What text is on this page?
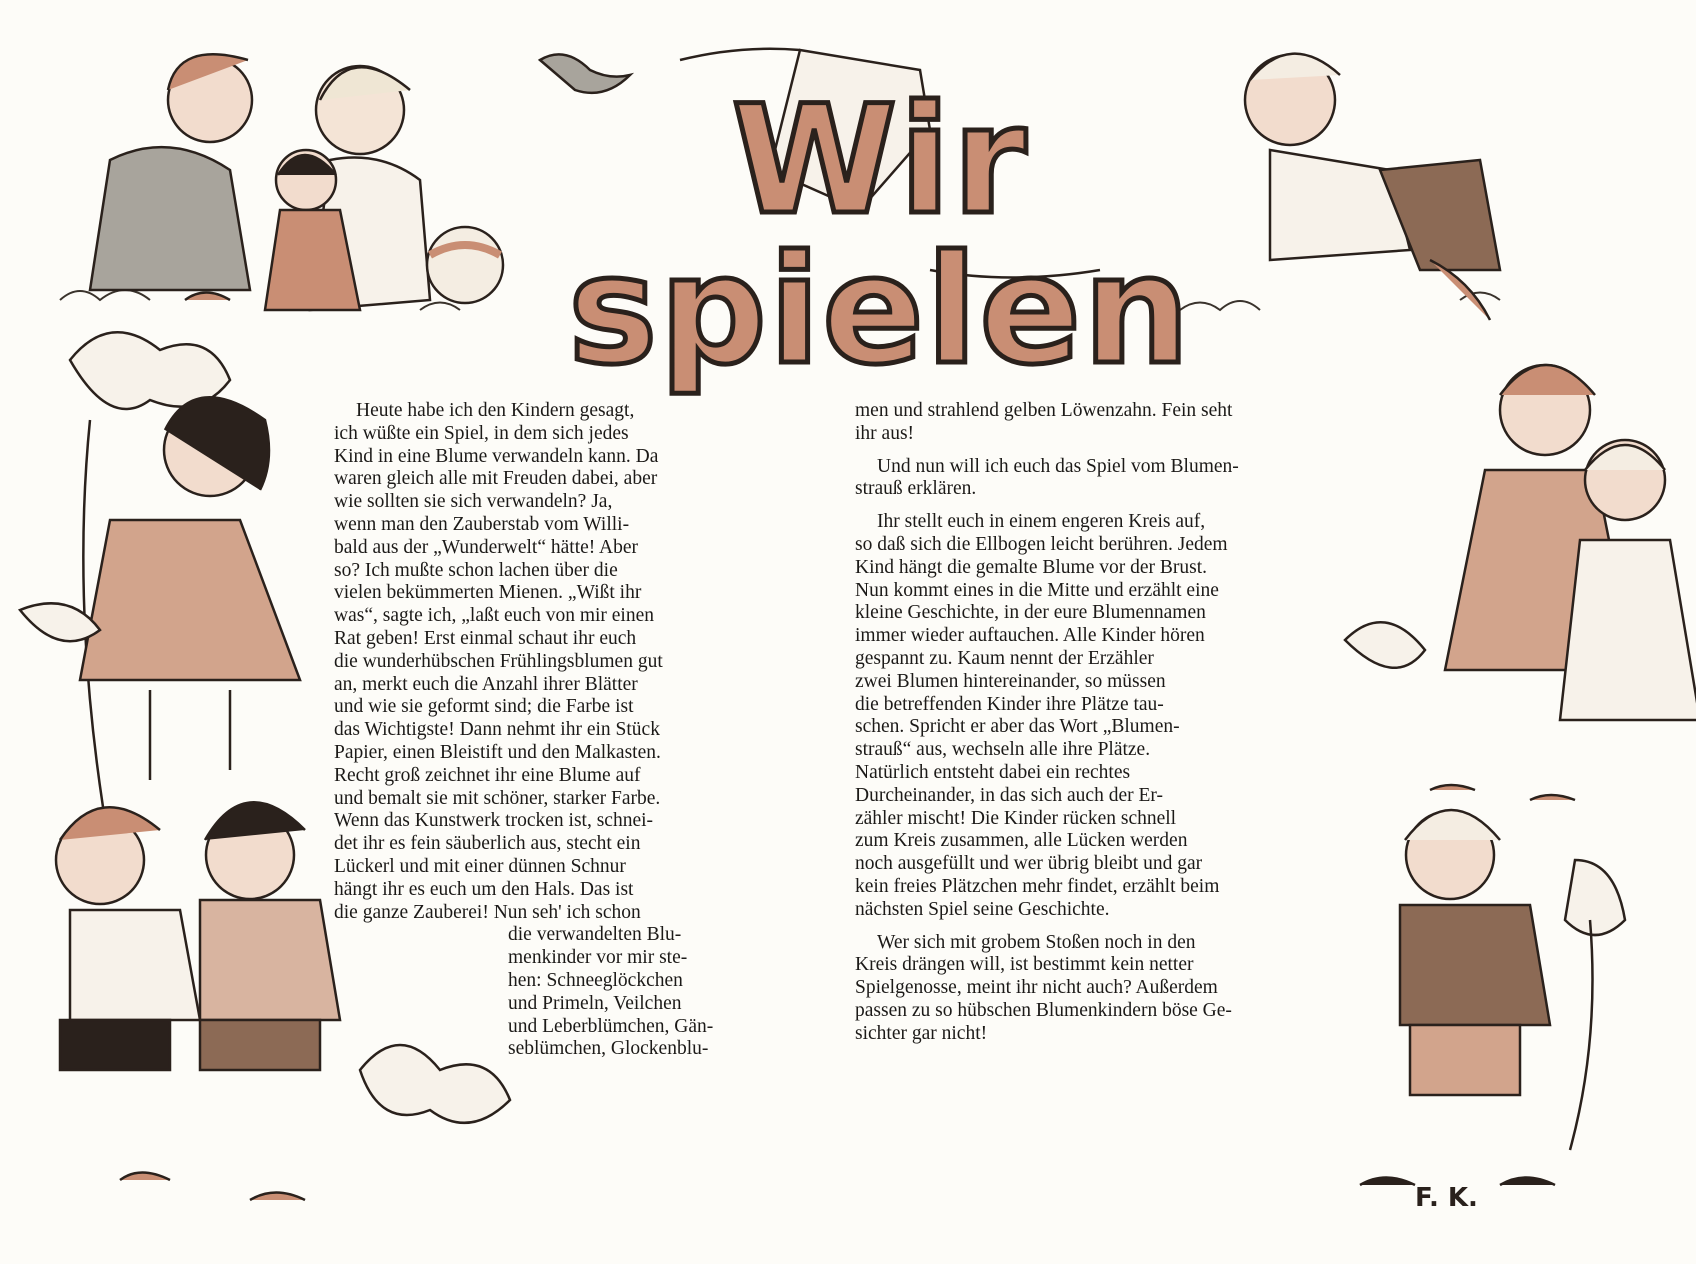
Wir spielen

Heute habe ich den Kindern gesagt,

ich wüßte ein Spiel, in dem sich jedes

Kind in eine Blume verwandeln kann. Da

waren gleich alle mit Freuden dabei, aber

wie sollten sie sich verwandeln? Ja,

wenn man den Zauberstab vom Willi-

bald aus der „Wunderwelt“ hätte! Aber

so? Ich mußte schon lachen über die

vielen bekümmerten Mienen. „Wißt ihr

was“, sagte ich, „laßt euch von mir einen

Rat geben! Erst einmal schaut ihr euch

die wunderhübschen Frühlingsblumen gut

an, merkt euch die Anzahl ihrer Blätter

und wie sie geformt sind; die Farbe ist

das Wichtigste! Dann nehmt ihr ein Stück

Papier, einen Bleistift und den Malkasten.

Recht groß zeichnet ihr eine Blume auf

und bemalt sie mit schöner, starker Farbe.

Wenn das Kunstwerk trocken ist, schnei-

det ihr es fein säuberlich aus, stecht ein

Lückerl und mit einer dünnen Schnur

hängt ihr es euch um den Hals. Das ist

die ganze Zauberei! Nun seh' ich schon

die verwandelten Blu-

menkinder vor mir ste-

hen: Schneeglöckchen

und Primeln, Veilchen

und Leberblümchen, Gän-

seblümchen, Glockenblu-

men und strahlend gelben Löwenzahn. Fein seht

ihr aus!

Und nun will ich euch das Spiel vom Blumen-

strauß erklären.

Ihr stellt euch in einem engeren Kreis auf,

so daß sich die Ellbogen leicht berühren. Jedem

Kind hängt die gemalte Blume vor der Brust.

Nun kommt eines in die Mitte und erzählt eine

kleine Geschichte, in der eure Blumennamen

immer wieder auftauchen. Alle Kinder hören

gespannt zu. Kaum nennt der Erzähler

zwei Blumen hintereinander, so müssen

die betreffenden Kinder ihre Plätze tau-

schen. Spricht er aber das Wort „Blumen-

strauß“ aus, wechseln alle ihre Plätze.

Natürlich entsteht dabei ein rechtes

Durcheinander, in das sich auch der Er-

zähler mischt! Die Kinder rücken schnell

zum Kreis zusammen, alle Lücken werden

noch ausgefüllt und wer übrig bleibt und gar

kein freies Plätzchen mehr findet, erzählt beim

nächsten Spiel seine Geschichte.

Wer sich mit grobem Stoßen noch in den

Kreis drängen will, ist bestimmt kein netter

Spielgenosse, meint ihr nicht auch? Außerdem

passen zu so hübschen Blumenkindern böse Ge-

sichter gar nicht!

F. K.
